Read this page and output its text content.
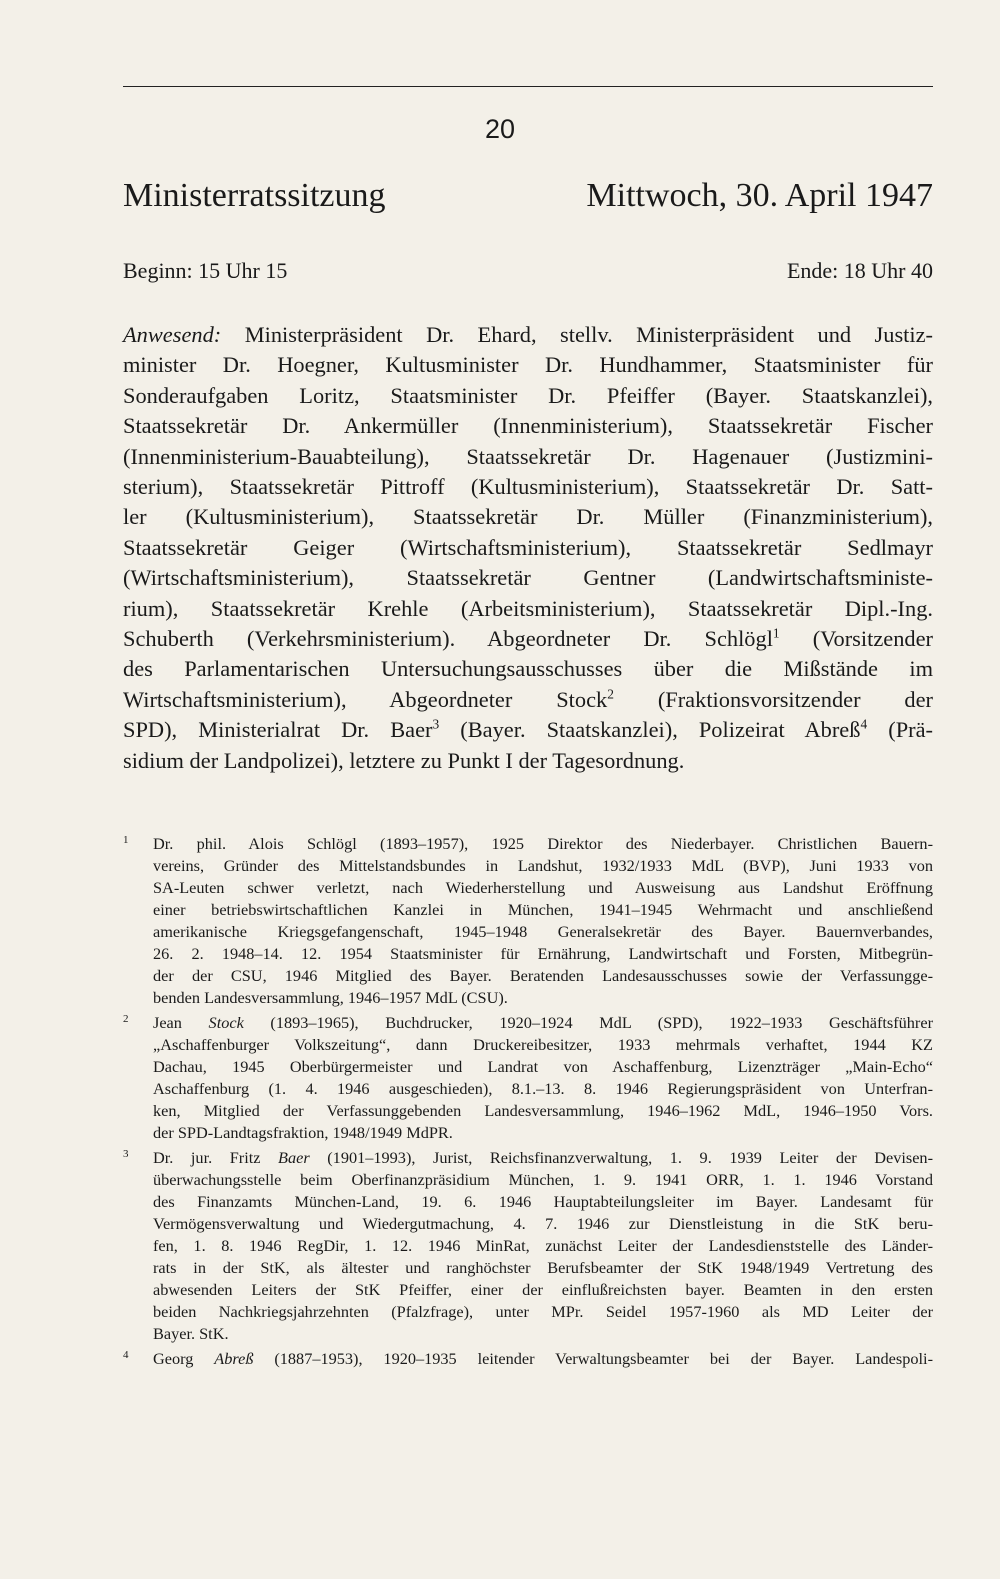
20
Ministerratssitzung	Mittwoch, 30. April 1947
Beginn: 15 Uhr 15	Ende: 18 Uhr 40
Anwesend: Ministerpräsident Dr. Ehard, stellv. Ministerpräsident und Justiz-
minister Dr. Hoegner, Kultusminister Dr. Hundhammer, Staatsminister für
Sonderaufgaben Loritz, Staatsminister Dr. Pfeiffer (Bayer. Staatskanzlei),
Staatssekretär Dr. Ankermüller (Innenministerium), Staatssekretär Fischer
(Innenministerium-Bauabteilung), Staatssekretär Dr. Hagenauer (Justizmini-
sterium), Staatssekretär Pittroff (Kultusministerium), Staatssekretär Dr. Satt-
ler (Kultusministerium), Staatssekretär Dr. Müller (Finanzministerium),
Staatssekretär Geiger (Wirtschaftsministerium), Staatssekretär Sedlmayr
(Wirtschaftsministerium), Staatssekretär Gentner (Landwirtschaftsministe-
rium), Staatssekretär Krehle (Arbeitsministerium), Staatssekretär Dipl.-Ing.
Schuberth (Verkehrsministerium). Abgeordneter Dr. Schlögl$^1$ (Vorsitzender
des Parlamentarischen Untersuchungsausschusses über die Mißstände im
Wirtschaftsministerium), Abgeordneter Stock$^2$ (Fraktionsvorsitzender der
SPD), Ministerialrat Dr. Baer$^3$ (Bayer. Staatskanzlei), Polizeirat Abreß$^4$ (Prä-
sidium der Landpolizei), letztere zu Punkt I der Tagesordnung.
1 Dr. phil. Alois Schlögl (1893–1957), 1925 Direktor des Niederbayer. Christlichen Bauern-
vereins, Gründer des Mittelstandsbundes in Landshut, 1932/1933 MdL (BVP), Juni 1933 von
SA-Leuten schwer verletzt, nach Wiederherstellung und Ausweisung aus Landshut Eröffnung
einer betriebswirtschaftlichen Kanzlei in München, 1941–1945 Wehrmacht und anschließend
amerikanische Kriegsgefangenschaft, 1945–1948 Generalsekretär des Bayer. Bauernverbandes,
26. 2. 1948–14. 12. 1954 Staatsminister für Ernährung, Landwirtschaft und Forsten, Mitbegrün-
der der CSU, 1946 Mitglied des Bayer. Beratenden Landesausschusses sowie der Verfassungge-
benden Landesversammlung, 1946–1957 MdL (CSU).
2 Jean Stock (1893–1965), Buchdrucker, 1920–1924 MdL (SPD), 1922–1933 Geschäftsführer
„Aschaffenburger Volkszeitung“, dann Druckereibesitzer, 1933 mehrmals verhaftet, 1944 KZ
Dachau, 1945 Oberbürgermeister und Landrat von Aschaffenburg, Lizenzträger „Main-Echo“
Aschaffenburg (1. 4. 1946 ausgeschieden), 8.1.–13. 8. 1946 Regierungspräsident von Unterfran-
ken, Mitglied der Verfassunggebenden Landesversammlung, 1946–1962 MdL, 1946–1950 Vors.
der SPD-Landtagsfraktion, 1948/1949 MdPR.
3 Dr. jur. Fritz Baer (1901–1993), Jurist, Reichsfinanzverwaltung, 1. 9. 1939 Leiter der Devisen-
überwachungsstelle beim Oberfinanzpräsidium München, 1. 9. 1941 ORR, 1. 1. 1946 Vorstand
des Finanzamts München-Land, 19. 6. 1946 Hauptabteilungsleiter im Bayer. Landesamt für
Vermögensverwaltung und Wiedergutmachung, 4. 7. 1946 zur Dienstleistung in die StK beru-
fen, 1. 8. 1946 RegDir, 1. 12. 1946 MinRat, zunächst Leiter der Landesdienststelle des Länder-
rats in der StK, als ältester und ranghöchster Berufsbeamter der StK 1948/1949 Vertretung des
abwesenden Leiters der StK Pfeiffer, einer der einflußreichsten bayer. Beamten in den ersten
beiden Nachkriegsjahrzehnten (Pfalzfrage), unter MPr. Seidel 1957-1960 als MD Leiter der
Bayer. StK.
4 Georg Abreß (1887–1953), 1920–1935 leitender Verwaltungsbeamter bei der Bayer. Landespoli-
